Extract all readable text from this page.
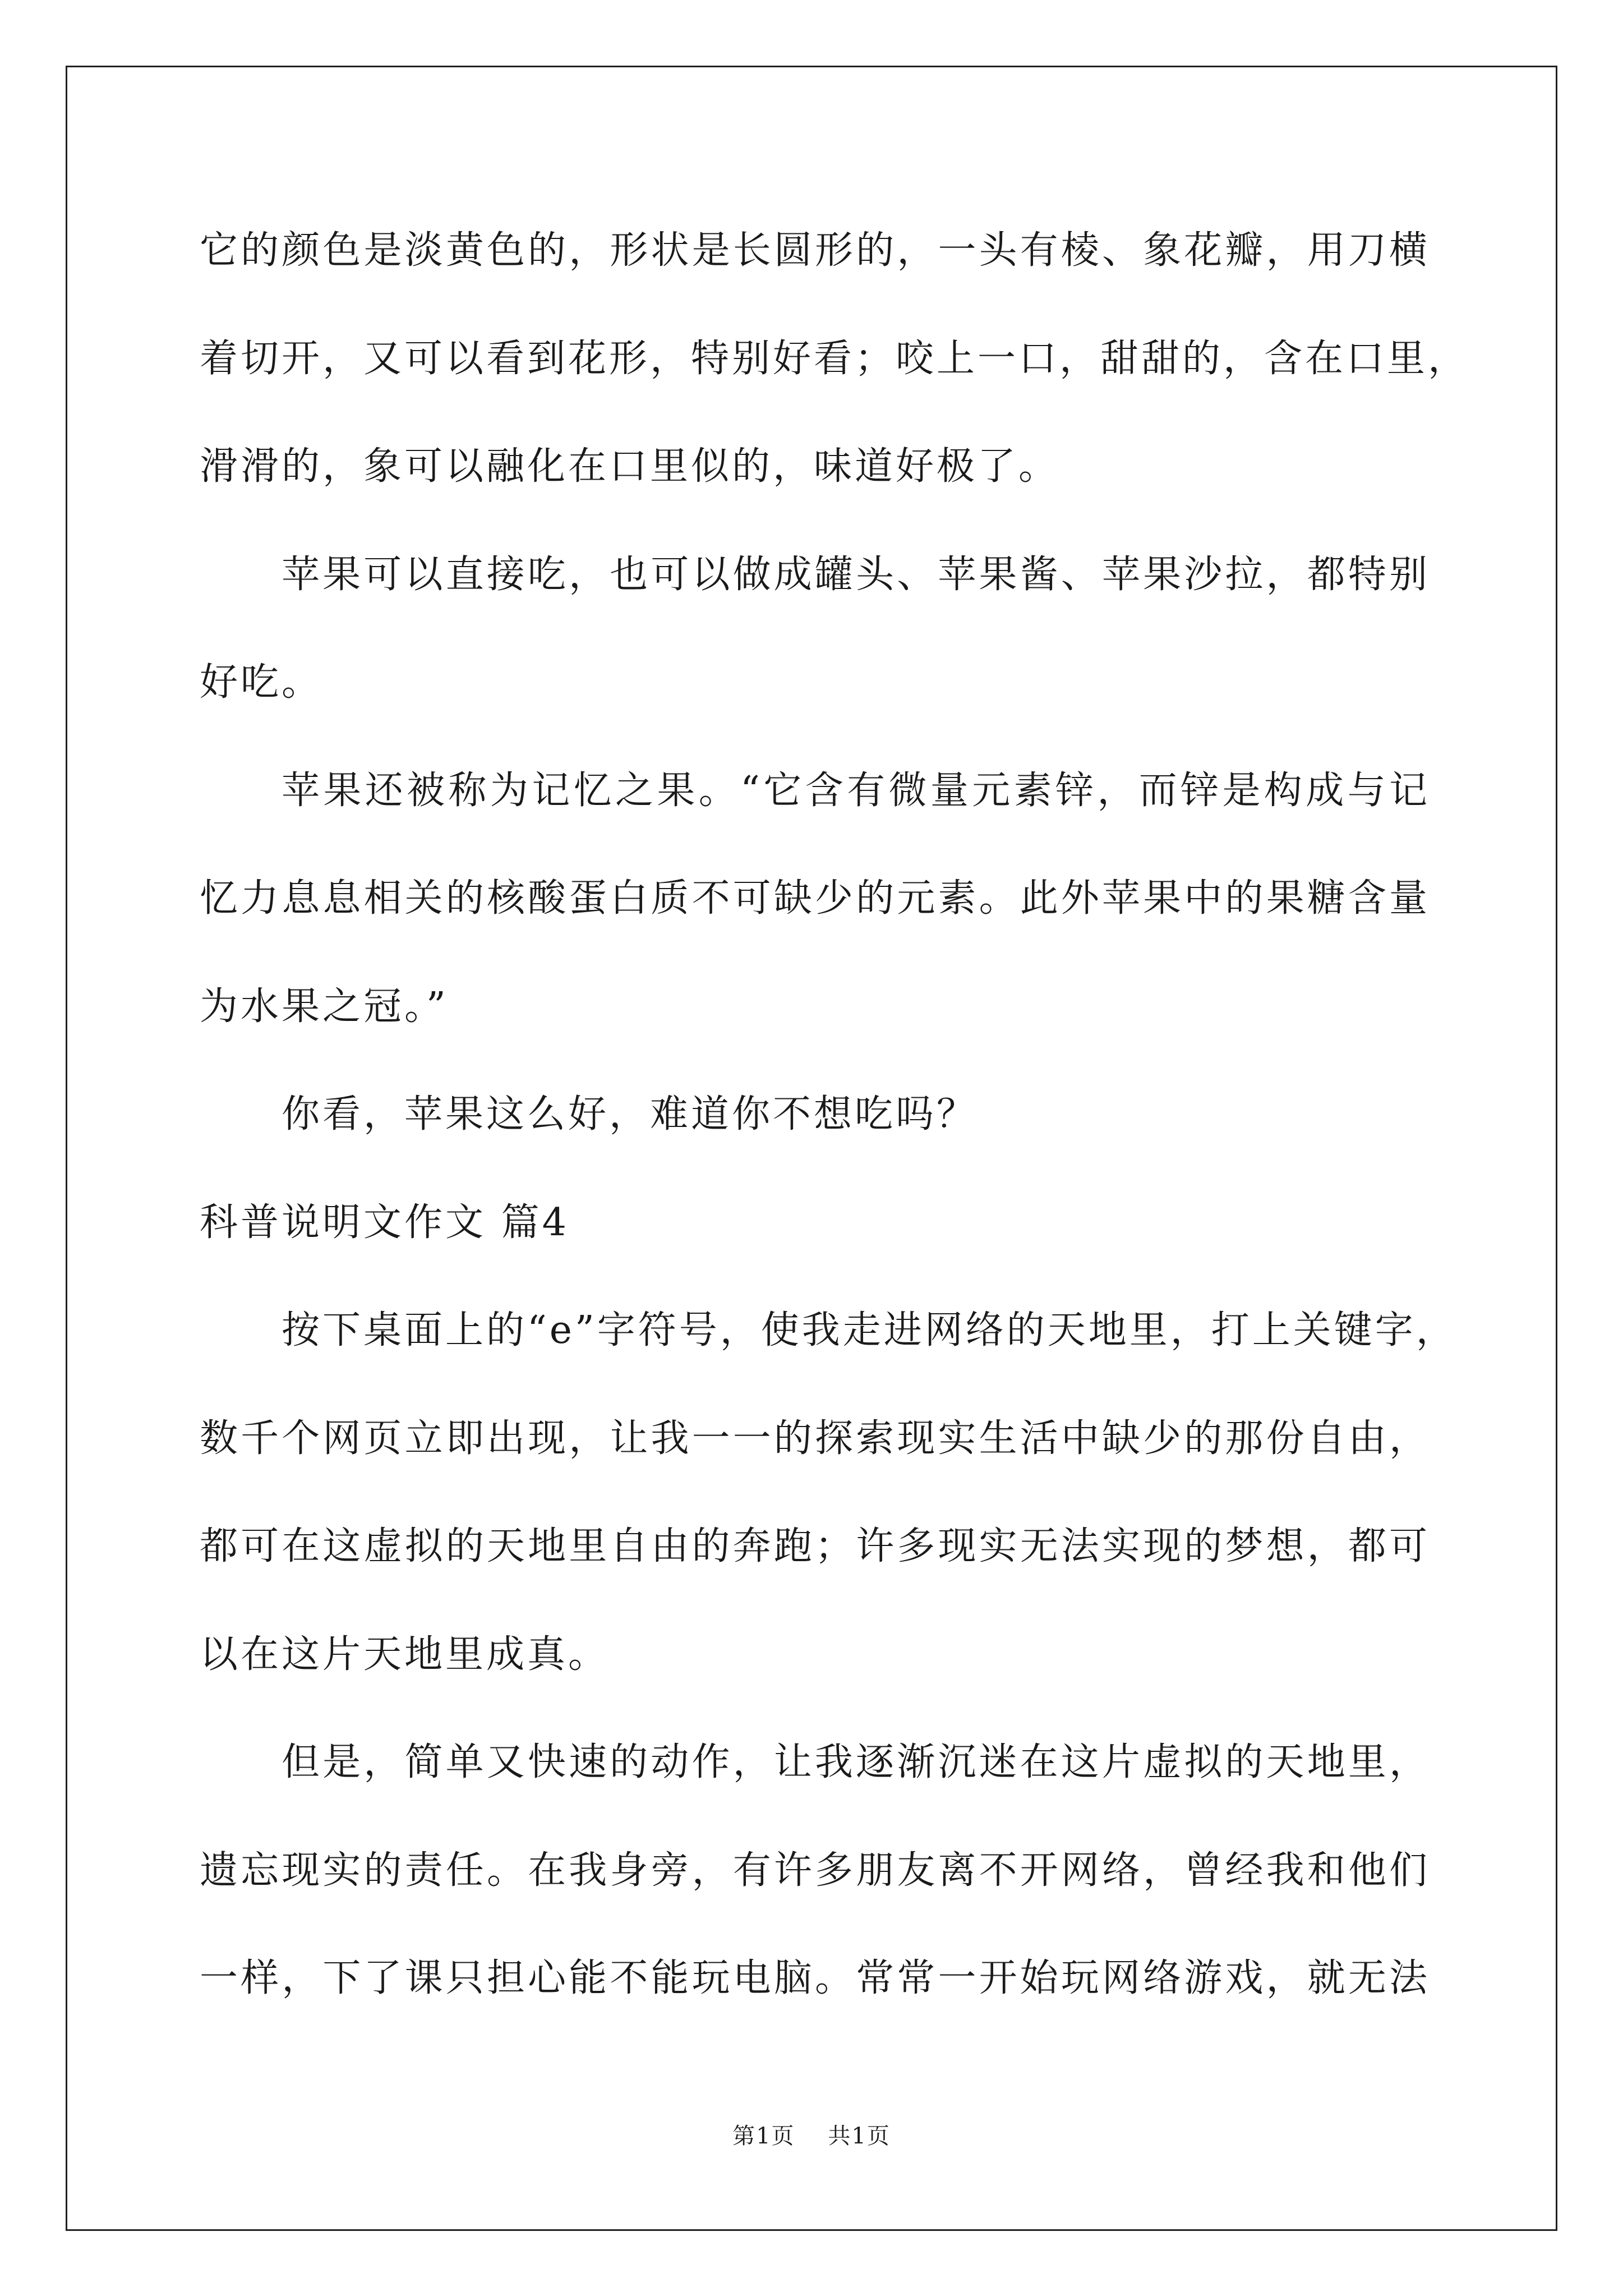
它的颜色是淡黄色的，形状是长圆形的，一头有棱、象花瓣，用刀横
着切开，又可以看到花形，特别好看；咬上一口，甜甜的，含在口里，
滑滑的，象可以融化在口里似的，味道好极了。
苹果可以直接吃，也可以做成罐头、苹果酱、苹果沙拉，都特别
好吃。
苹果还被称为记忆之果。“它含有微量元素锌，而锌是构成与记
忆力息息相关的核酸蛋白质不可缺少的元素。此外苹果中的果糖含量
为水果之冠。”
你看，苹果这么好，难道你不想吃吗？
科普说明文作文 篇4
按下桌面上的“e”字符号，使我走进网络的天地里，打上关键字，
数千个网页立即出现，让我一一的探索现实生活中缺少的那份自由，
都可在这虚拟的天地里自由的奔跑；许多现实无法实现的梦想，都可
以在这片天地里成真。
但是，简单又快速的动作，让我逐渐沉迷在这片虚拟的天地里，
遗忘现实的责任。在我身旁，有许多朋友离不开网络，曾经我和他们
一样，下了课只担心能不能玩电脑。常常一开始玩网络游戏，就无法
第1页 共1页
